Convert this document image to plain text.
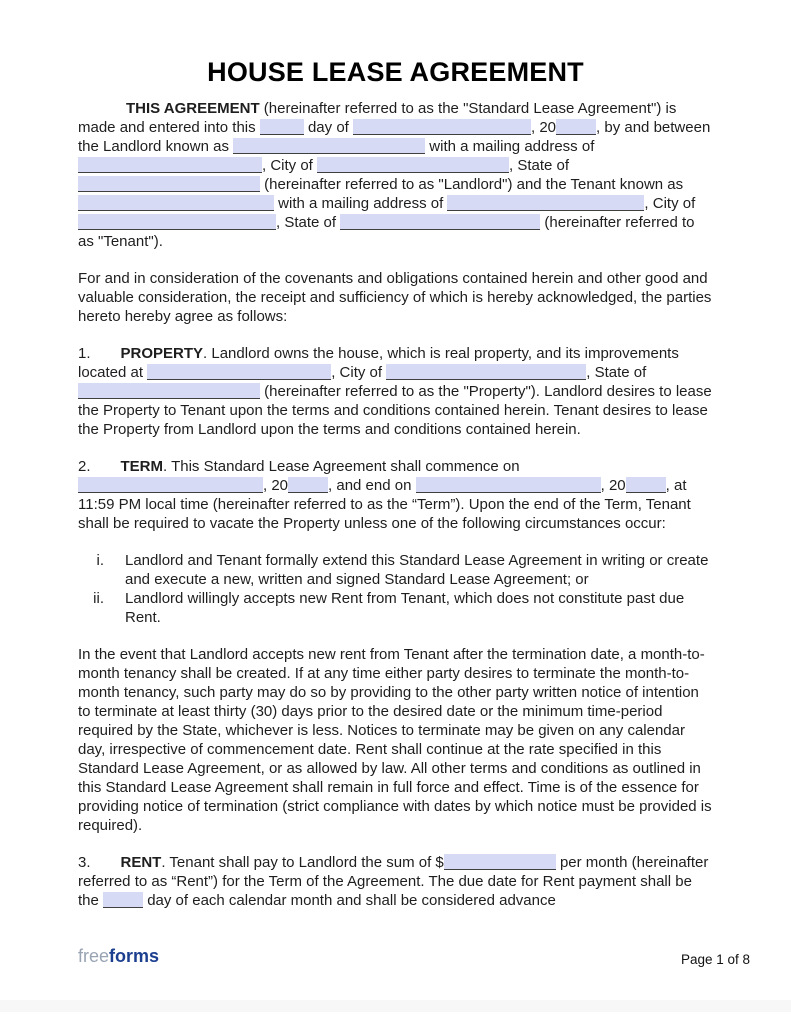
HOUSE LEASE AGREEMENT

THIS AGREEMENT (hereinafter referred to as the "Standard Lease Agreement") is made and entered into this	day of	, 20	, by and between the Landlord known as	with a mailing address of , City of	, State of  (hereinafter referred to as "Landlord") and the Tenant known as  with a mailing address of	, City of , State of	(hereinafter referred to as "Tenant").

For and in consideration of the covenants and obligations contained herein and other good and valuable consideration, the receipt and sufficiency of which is hereby acknowledged, the parties hereto hereby agree as follows:

1. PROPERTY. Landlord owns the house, which is real property, and its improvements located at	, City of	, State of  (hereinafter referred to as the "Property"). Landlord desires to lease the Property to Tenant upon the terms and conditions contained herein. Tenant desires to lease the Property from Landlord upon the terms and conditions contained herein.

2. TERM. This Standard Lease Agreement shall commence on
, 20	, and end on	, 20	, at 11:59 PM local time (hereinafter referred to as the “Term”). Upon the end of the Term, Tenant shall be required to vacate the Property unless one of the following circumstances occur:

i. Landlord and Tenant formally extend this Standard Lease Agreement in writing or create and execute a new, written and signed Standard Lease Agreement; or
ii. Landlord willingly accepts new Rent from Tenant, which does not constitute past due Rent.

In the event that Landlord accepts new rent from Tenant after the termination date, a month-to-month tenancy shall be created. If at any time either party desires to terminate the month-to-month tenancy, such party may do so by providing to the other party written notice of intention to terminate at least thirty (30) days prior to the desired date or the minimum time-period required by the State, whichever is less. Notices to terminate may be given on any calendar day, irrespective of commencement date. Rent shall continue at the rate specified in this Standard Lease Agreement, or as allowed by law. All other terms and conditions as outlined in this Standard Lease Agreement shall remain in full force and effect. Time is of the essence for providing notice of termination (strict compliance with dates by which notice must be provided is required).

3. RENT. Tenant shall pay to Landlord the sum of $	per month (hereinafter referred to as “Rent”) for the Term of the Agreement. The due date for Rent payment shall be the	day of each calendar month and shall be considered advance

freeforms	Page 1 of 8
